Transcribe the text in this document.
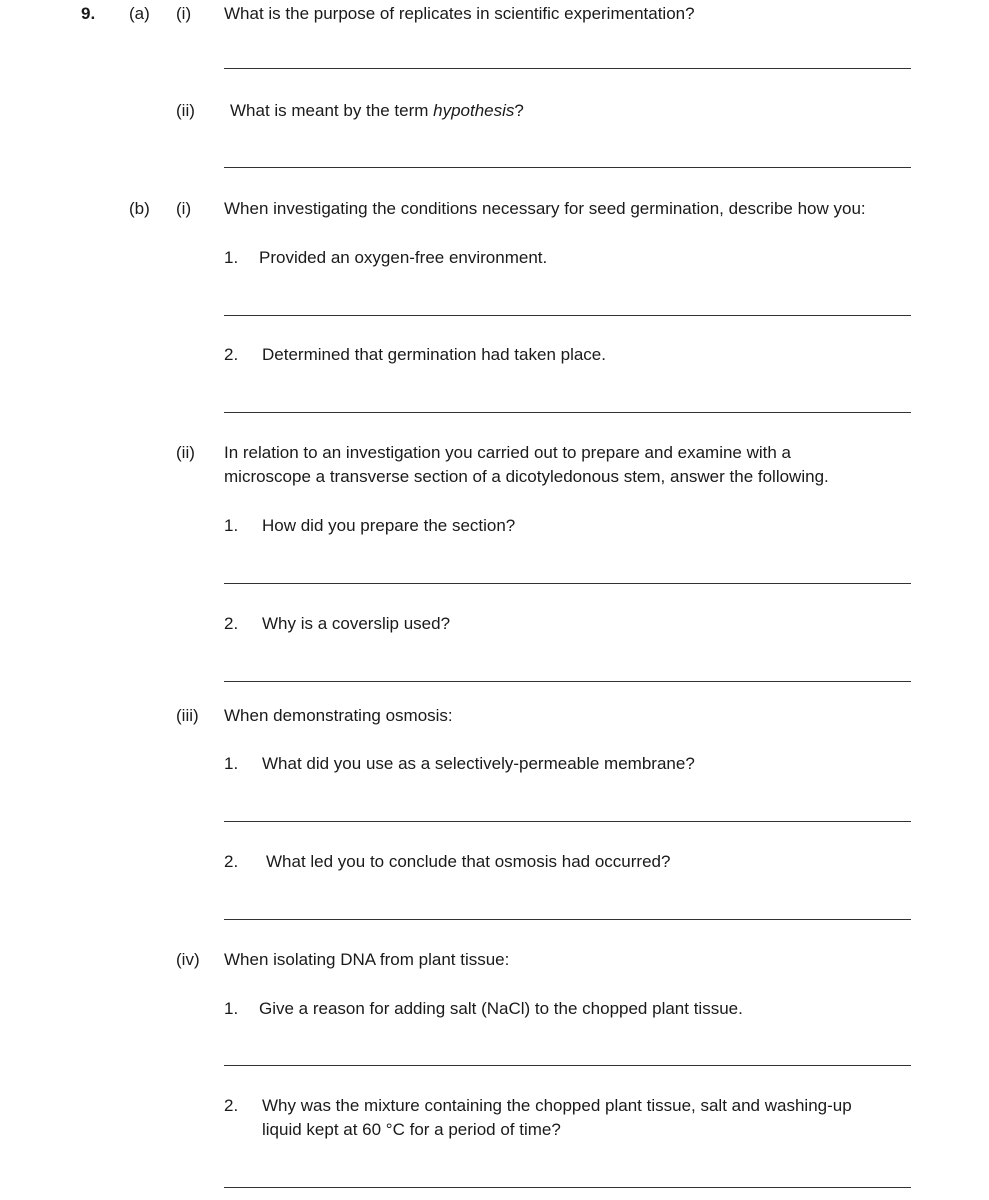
9. (a) (i) What is the purpose of replicates in scientific experimentation?
(ii) What is meant by the term hypothesis?
(b) (i) When investigating the conditions necessary for seed germination, describe how you:
1. Provided an oxygen-free environment.
2. Determined that germination had taken place.
(ii) In relation to an investigation you carried out to prepare and examine with a
microscope a transverse section of a dicotyledonous stem, answer the following.
1. How did you prepare the section?
2. Why is a coverslip used?
(iii) When demonstrating osmosis:
1. What did you use as a selectively-permeable membrane?
2. What led you to conclude that osmosis had occurred?
(iv) When isolating DNA from plant tissue:
1. Give a reason for adding salt (NaCl) to the chopped plant tissue.
2. Why was the mixture containing the chopped plant tissue, salt and washing-up
liquid kept at 60 °C for a period of time?
